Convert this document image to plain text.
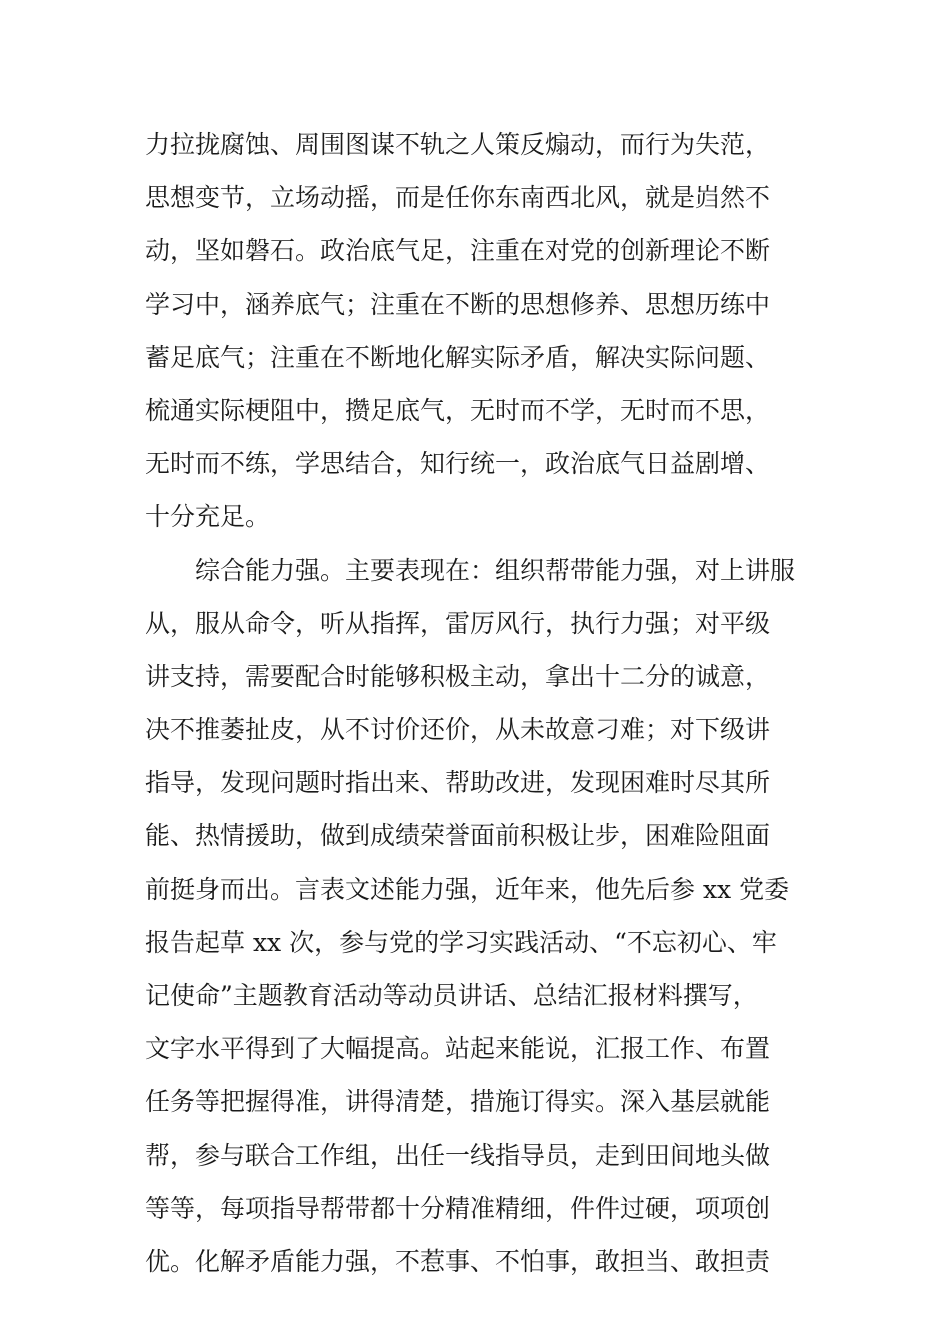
力拉拢腐蚀、周围图谋不轨之人策反煽动，而行为失范，
思想变节，立场动摇，而是任你东南西北风，就是岿然不
动，坚如磐石。政治底气足，注重在对党的创新理论不断
学习中，涵养底气；注重在不断的思想修养、思想历练中
蓄足底气；注重在不断地化解实际矛盾，解决实际问题、
梳通实际梗阻中，攒足底气，无时而不学，无时而不思，
无时而不练，学思结合，知行统一，政治底气日益剧增、
十分充足。
综合能力强。主要表现在：组织帮带能力强，对上讲服
从，服从命令，听从指挥，雷厉风行，执行力强；对平级
讲支持，需要配合时能够积极主动，拿出十二分的诚意，
决不推萎扯皮，从不讨价还价，从未故意刁难；对下级讲
指导，发现问题时指出来、帮助改进，发现困难时尽其所
能、热情援助，做到成绩荣誉面前积极让步，困难险阻面
前挺身而出。言表文述能力强，近年来，他先后参 xx 党委
报告起草 xx 次，参与党的学习实践活动、“不忘初心、牢
记使命”主题教育活动等动员讲话、总结汇报材料撰写，
文字水平得到了大幅提高。站起来能说，汇报工作、布置
任务等把握得准，讲得清楚，措施订得实。深入基层就能
帮，参与联合工作组，出任一线指导员，走到田间地头做
等等，每项指导帮带都十分精准精细，件件过硬，项项创
优。化解矛盾能力强，不惹事、不怕事，敢担当、敢担责
